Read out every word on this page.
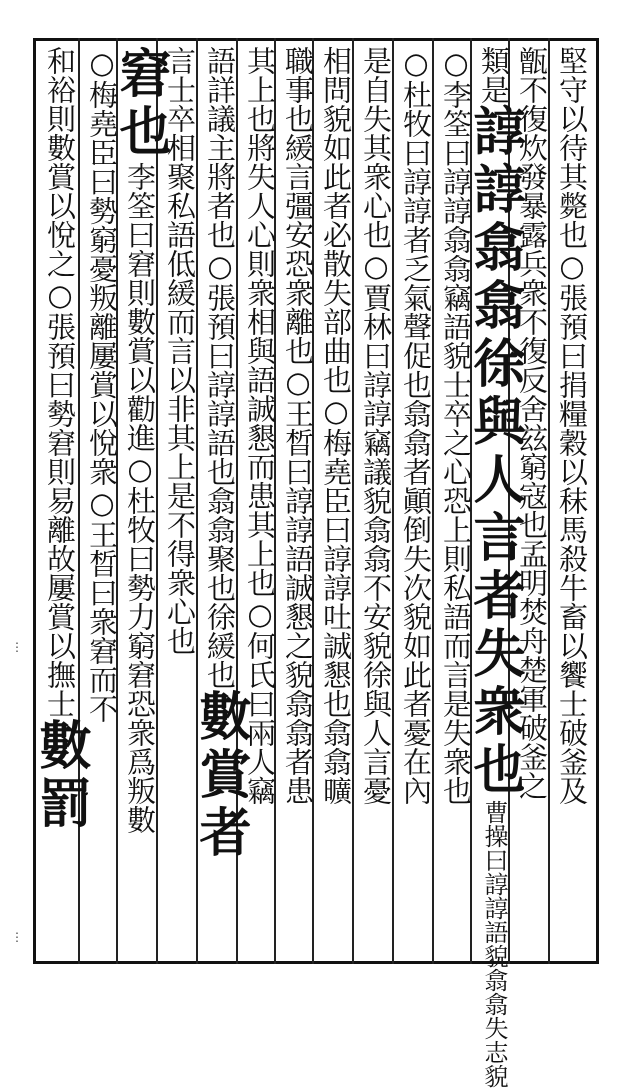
堅守以待其斃也○張預曰捐糧穀以秣馬殺牛畜以饗士破釜及
甑不復炊發暴露兵衆不復反舍玆窮寇也孟明焚舟楚軍破釜之
類是諄諄翕翕徐與人言者失衆也曹操曰諄諄語貌翕翕失志貌
○李筌曰諄諄翕翕竊語貌士卒之心恐上則私語而言是失衆也
○杜牧曰諄諄者乏氣聲促也翕翕者顚倒失次貌如此者憂在內
是自失其衆心也○賈林曰諄諄竊議貌翕翕不安貌徐與人言憂
相問貌如此者必散失部曲也○梅堯臣曰諄諄吐誠懇也翕翕曠
職事也緩言彊安恐衆離也○王晳曰諄諄語誠懇之貌翕翕者患
其上也將失人心則衆相與語誠懇而患其上也○何氏曰兩人竊
語詳議主將者也○張預曰諄諄語也翕翕聚也徐緩也數賞者
言士卒相聚私語低緩而言以非其上是不得衆心也
窘也李筌曰窘則數賞以勸進○杜牧曰勢力窮窘恐衆爲叛數
○梅堯臣曰勢窮憂叛離屢賞以悅衆○王晳曰衆窘而不
和裕則數賞以悅之○張預曰勢窘則易離故屢賞以撫士數罰
⋮
⋮
